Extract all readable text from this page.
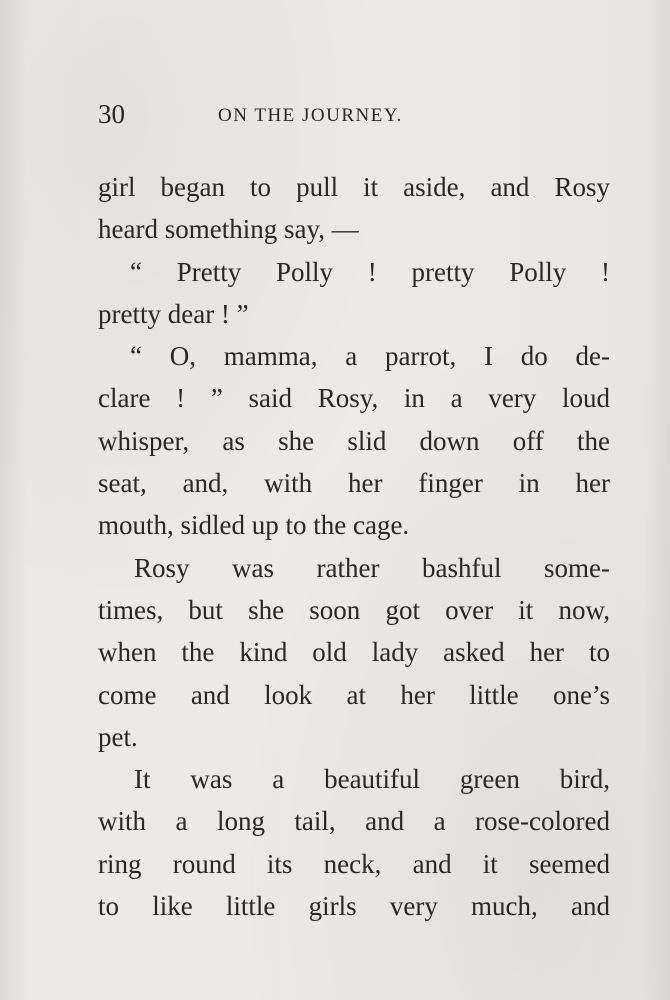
30	ON THE JOURNEY.
girl began to pull it aside, and Rosy
heard something say, —
“ Pretty Polly ! pretty Polly !
pretty dear ! ”
“ O, mamma, a parrot, I do de-
clare ! ” said Rosy, in a very loud
whisper, as she slid down off the
seat, and, with her finger in her
mouth, sidled up to the cage.
Rosy was rather bashful some-
times, but she soon got over it now,
when the kind old lady asked her to
come and look at her little one’s
pet.
It was a beautiful green bird,
with a long tail, and a rose-colored
ring round its neck, and it seemed
to like little girls very much, and
